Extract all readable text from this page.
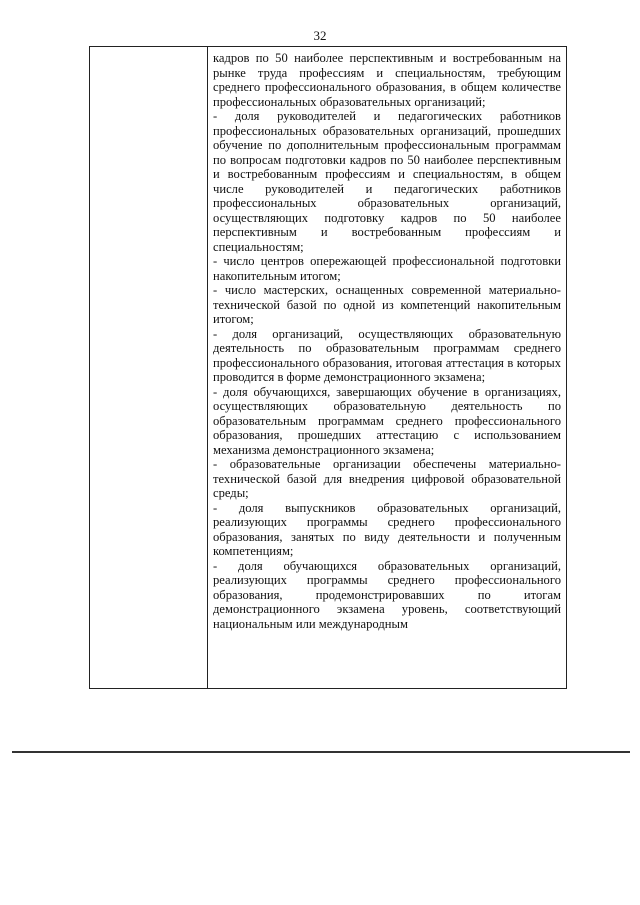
32

кадров по 50 наиболее перспективным и востребованным на рынке труда профессиям и специальностям, требующим среднего профессионального образования, в общем количестве профессиональных образовательных организаций;

- доля руководителей и педагогических работников профессиональных образовательных организаций, прошедших обучение по дополнительным профессиональным программам по вопросам подготовки кадров по 50 наиболее перспективным и востребованным профессиям и специальностям, в общем числе руководителей и педагогических работников профессиональных образовательных организаций, осуществляющих подготовку кадров по 50 наиболее перспективным и востребованным профессиям и специальностям;

- число центров опережающей профессиональной подготовки накопительным итогом;

- число мастерских, оснащенных современной материально-технической базой по одной из компетенций накопительным итогом;

- доля организаций, осуществляющих образовательную деятельность по образовательным программам среднего профессионального образования, итоговая аттестация в которых проводится в форме демонстрационного экзамена;

- доля обучающихся, завершающих обучение в организациях, осуществляющих образовательную деятельность по образовательным программам среднего профессионального образования, прошедших аттестацию с использованием механизма демонстрационного экзамена;

- образовательные организации обеспечены материально-технической базой для внедрения цифровой образовательной среды;

- доля выпускников образовательных организаций, реализующих программы среднего профессионального образования, занятых по виду деятельности и полученным компетенциям;

- доля обучающихся образовательных организаций, реализующих программы среднего профессионального образования, продемонстрировавших по итогам демонстрационного экзамена уровень, соответствующий национальным или международным
